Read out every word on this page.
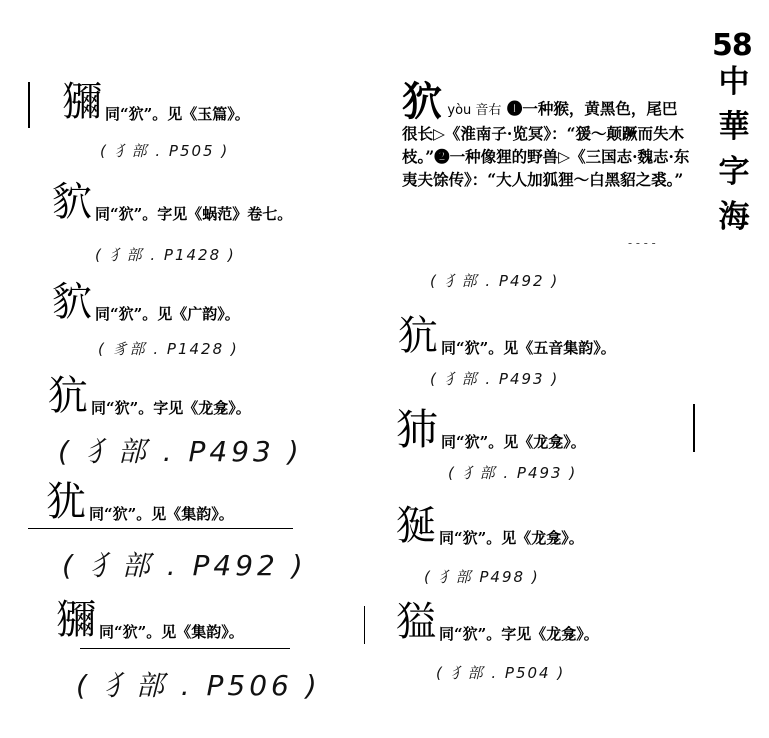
58
中華字海
獼同“狖”。见《玉篇》。
( 犭部 . P505 )
貁同“狖”。字见《蜗范》卷七。
( 犭部 . P1428 )
貁同“狖”。见《广韵》。
( 豸部 . P1428 )
犺同“狖”。字见《龙龛》。
( 犭部 . P493 )
犹同“狖”。见《集韵》。
( 犭部 . P492 )
獼同“狖”。见《集韵》。
( 犭部 . P506 )
狖 yòu 音右 ❶一种猴，黄黑色，尾巴很长▷《淮南子·览冥》：“猨～颠蹶而失木枝。”❷一种像狸的野兽▷《三国志·魏志·东夷夫馀传》：“大人加狐狸～白黑貂之裘。”
- - - -
( 犭部 . P492 )
犺同“狖”。见《五音集韵》。
( 犭部 . P493 )
犻同“狖”。见《龙龛》。
( 犭部 . P493 )
狿同“狖”。见《龙龛》。
( 犭部 P498 )
獈同“狖”。字见《龙龛》。
( 犭部 . P504 )
